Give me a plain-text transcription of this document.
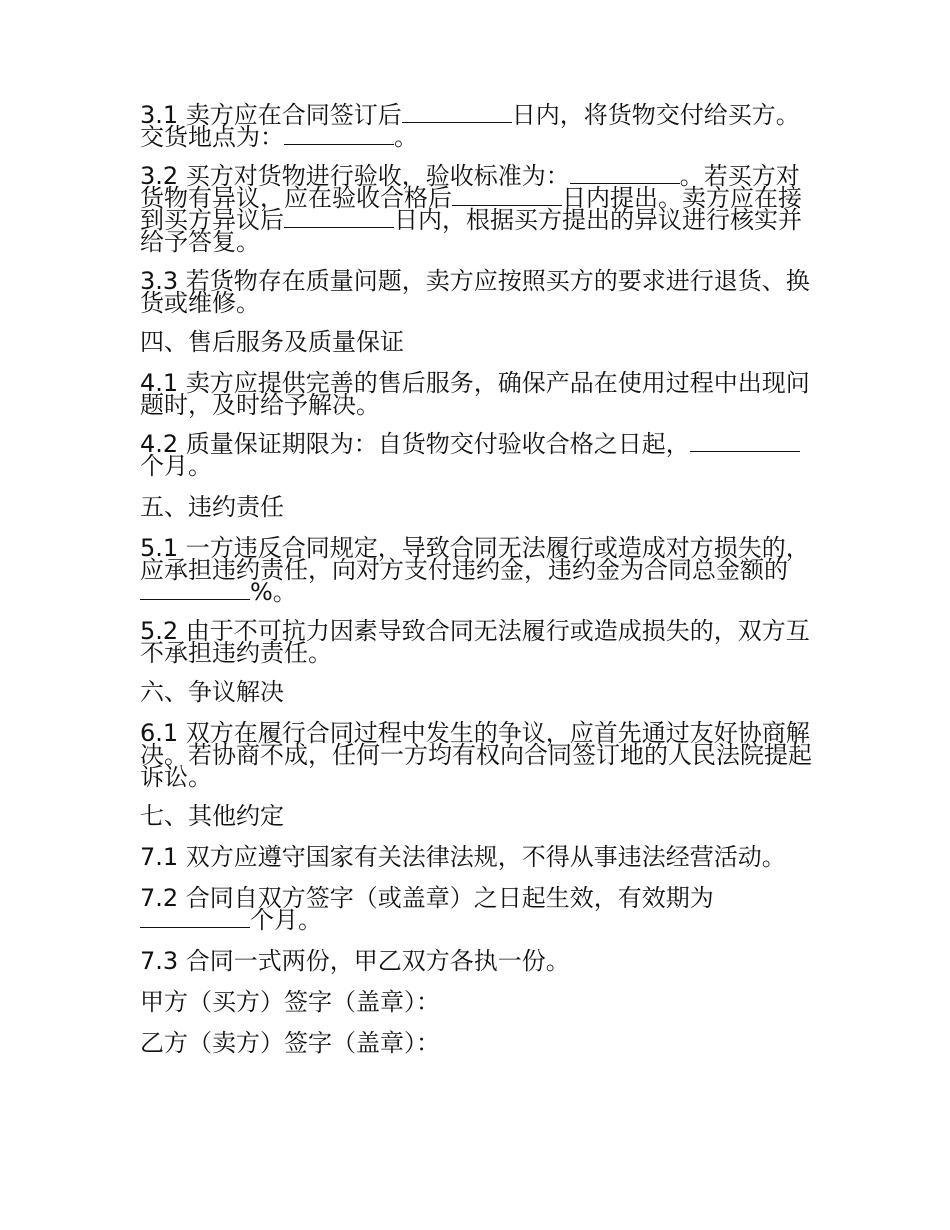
3.1 卖方应在合同签订后	日内，将货物交付给买方。交货地点为：	。
3.2 买方对货物进行验收，验收标准为：	。若买方对货物有异议，应在验收合格后	日内提出。卖方应在接到买方异议后	日内，根据买方提出的异议进行核实并给予答复。
3.3 若货物存在质量问题，卖方应按照买方的要求进行退货、换货或维修。
四、售后服务及质量保证
4.1 卖方应提供完善的售后服务，确保产品在使用过程中出现问题时，及时给予解决。
4.2 质量保证期限为：自货物交付验收合格之日起，个月。
五、违约责任
5.1 一方违反合同规定，导致合同无法履行或造成对方损失的，应承担违约责任，向对方支付违约金，违约金为合同总金额的%。
5.2 由于不可抗力因素导致合同无法履行或造成损失的，双方互不承担违约责任。
六、争议解决
6.1 双方在履行合同过程中发生的争议，应首先通过友好协商解决。若协商不成，任何一方均有权向合同签订地的人民法院提起诉讼。
七、其他约定
7.1 双方应遵守国家有关法律法规，不得从事违法经营活动。
7.2 合同自双方签字（或盖章）之日起生效，有效期为个月。
7.3 合同一式两份，甲乙双方各执一份。
甲方（买方）签字（盖章）：
乙方（卖方）签字（盖章）：
